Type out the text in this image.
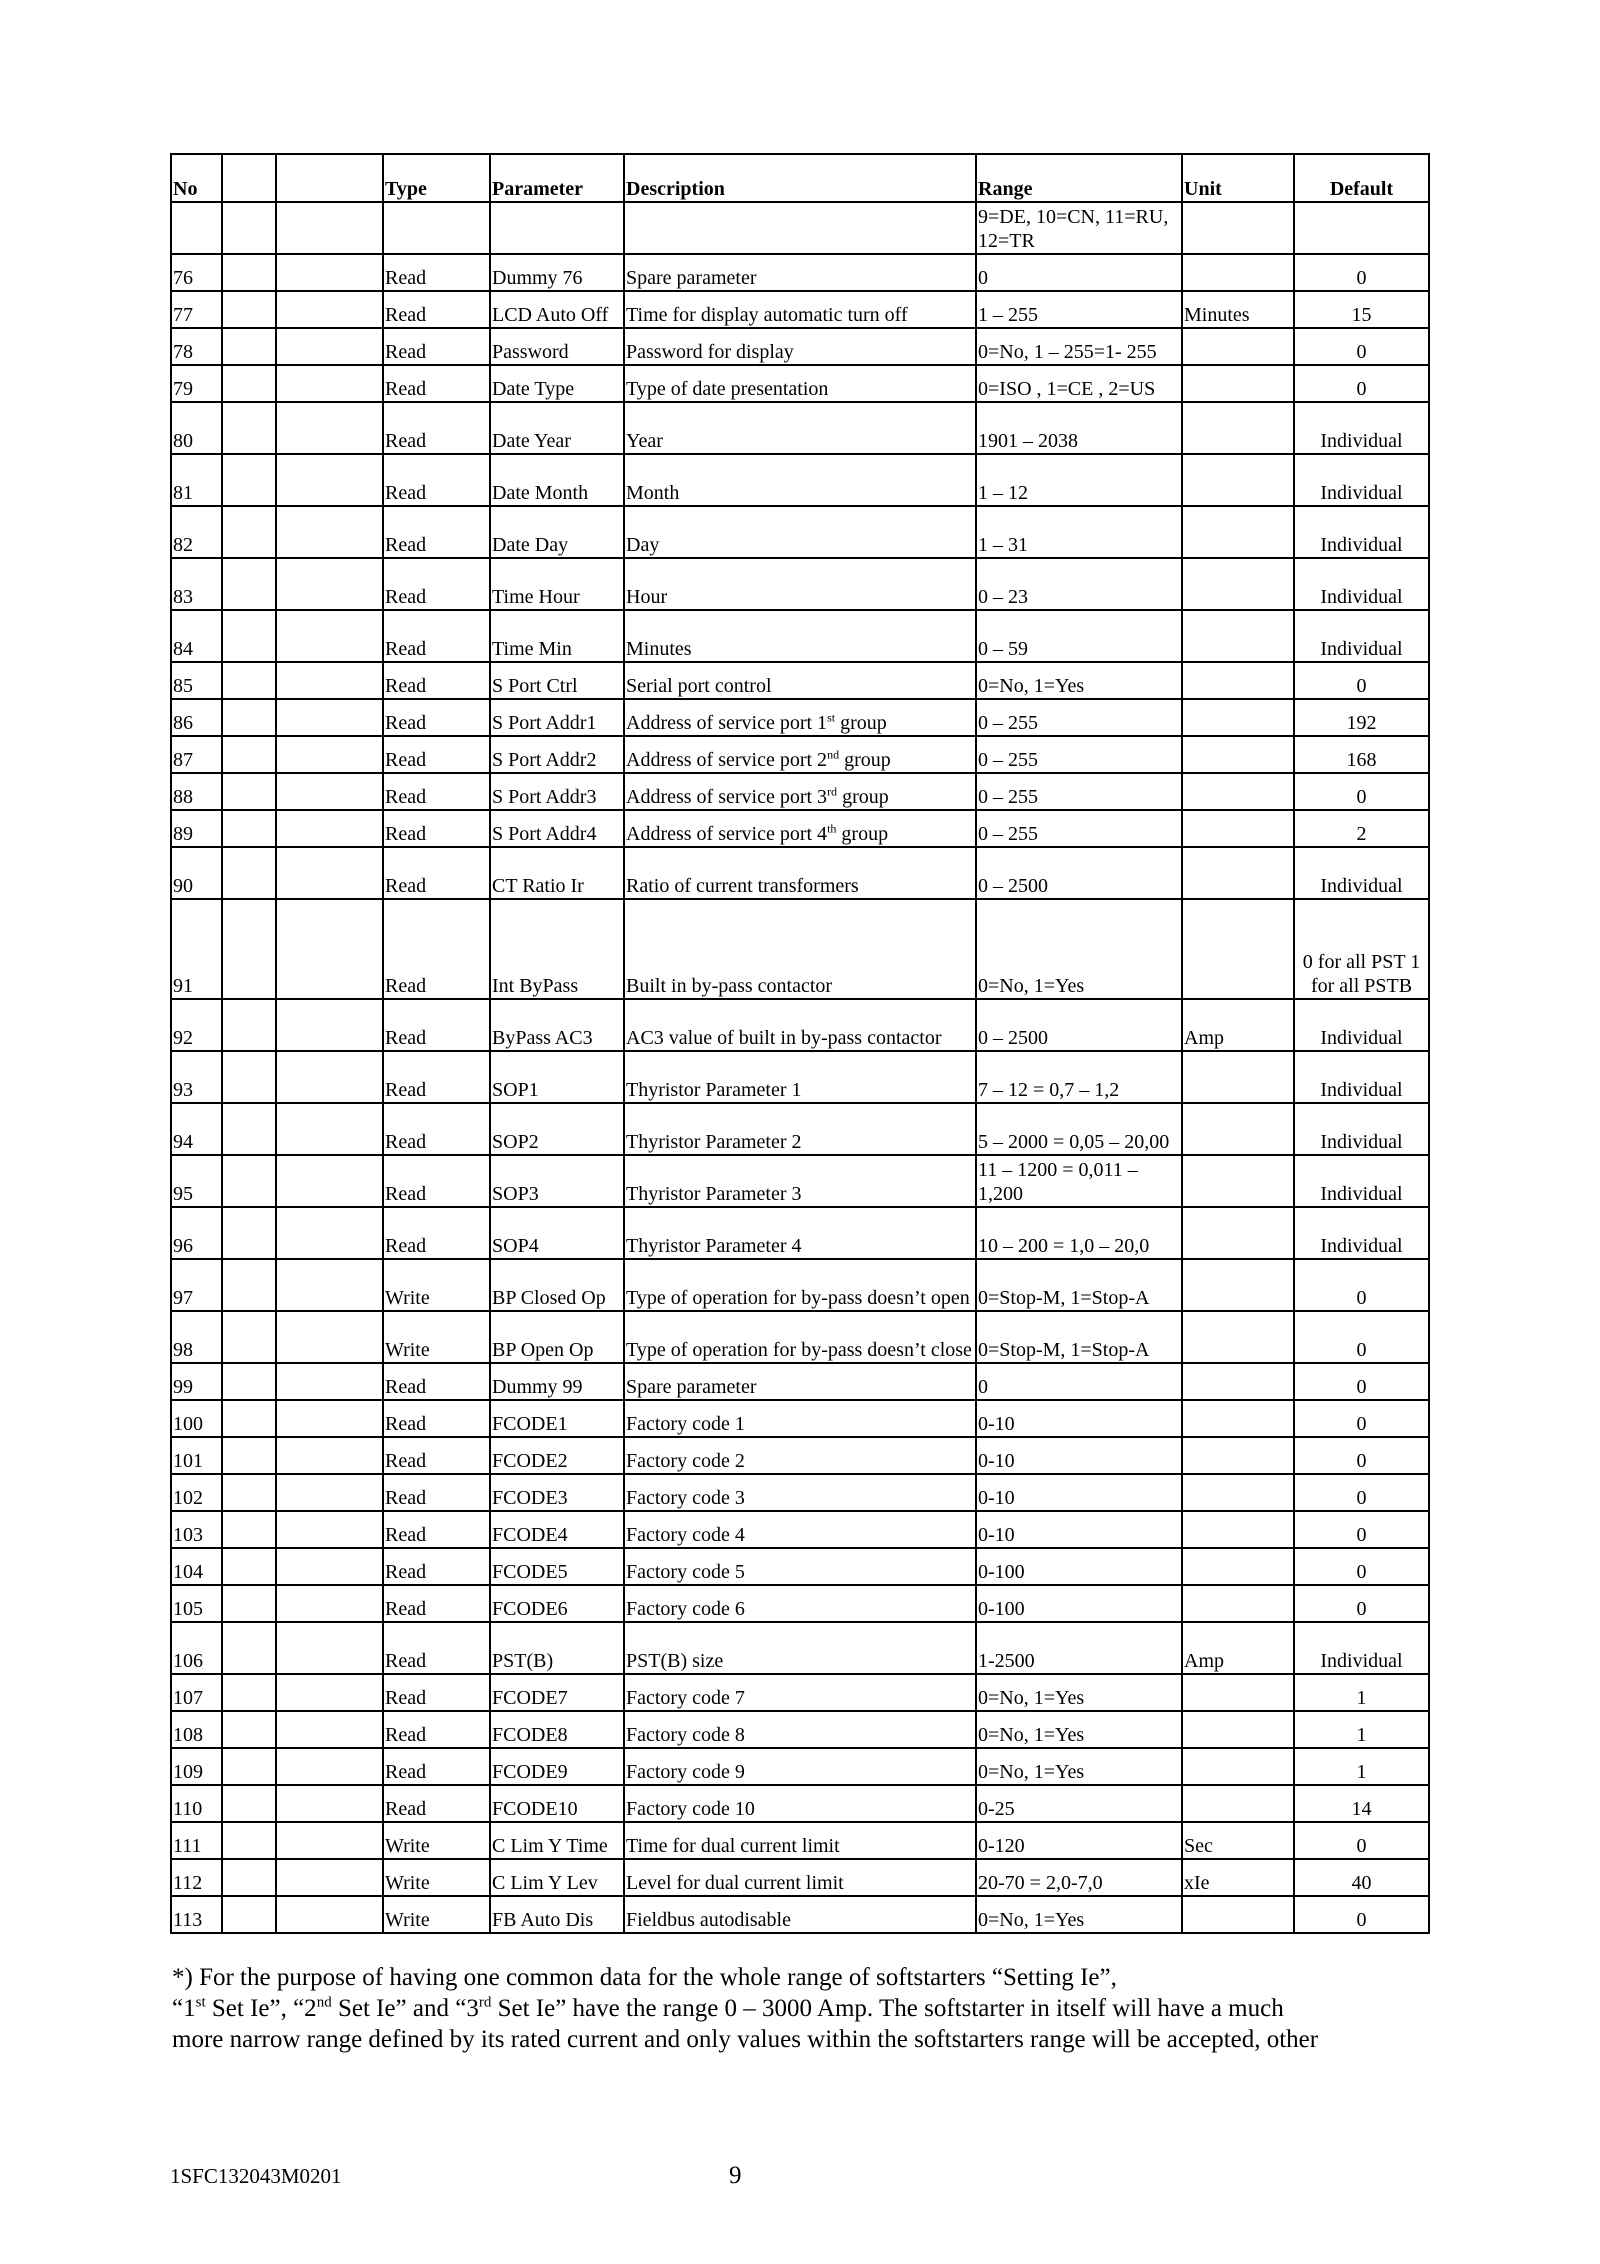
No			Type	Parameter	Description	Range	Unit	Default
						9=DE, 10=CN, 11=RU, 12=TR		
76			Read	Dummy 76	Spare parameter	0		0
77			Read	LCD Auto Off	Time for display automatic turn off	1 – 255	Minutes	15
78			Read	Password	Password for display	0=No, 1 – 255=1- 255		0
79			Read	Date Type	Type of date presentation	0=ISO , 1=CE , 2=US		0
80			Read	Date Year	Year	1901 – 2038		Individual
81			Read	Date Month	Month	1 – 12		Individual
82			Read	Date Day	Day	1 – 31		Individual
83			Read	Time Hour	Hour	0 – 23		Individual
84			Read	Time Min	Minutes	0 – 59		Individual
85			Read	S Port Ctrl	Serial port control	0=No, 1=Yes		0
86			Read	S Port Addr1	Address of service port 1st group	0 – 255		192
87			Read	S Port Addr2	Address of service port 2nd group	0 – 255		168
88			Read	S Port Addr3	Address of service port 3rd group	0 – 255		0
89			Read	S Port Addr4	Address of service port 4th group	0 – 255		2
90			Read	CT Ratio Ir	Ratio of current transformers	0 – 2500		Individual
91			Read	Int ByPass	Built in by-pass contactor	0=No, 1=Yes		0 for all PST 1 for all PSTB
92			Read	ByPass AC3	AC3 value of built in by-pass contactor	0 – 2500	Amp	Individual
93			Read	SOP1	Thyristor Parameter 1	7 – 12 = 0,7 – 1,2		Individual
94			Read	SOP2	Thyristor Parameter 2	5 – 2000 = 0,05 – 20,00		Individual
95			Read	SOP3	Thyristor Parameter 3	11 – 1200 = 0,011 – 1,200		Individual
96			Read	SOP4	Thyristor Parameter 4	10 – 200 = 1,0 – 20,0		Individual
97			Write	BP Closed Op	Type of operation for by-pass doesn’t open	0=Stop-M, 1=Stop-A		0
98			Write	BP Open Op	Type of operation for by-pass doesn’t close	0=Stop-M, 1=Stop-A		0
99			Read	Dummy 99	Spare parameter	0		0
100			Read	FCODE1	Factory code 1	0-10		0
101			Read	FCODE2	Factory code 2	0-10		0
102			Read	FCODE3	Factory code 3	0-10		0
103			Read	FCODE4	Factory code 4	0-10		0
104			Read	FCODE5	Factory code 5	0-100		0
105			Read	FCODE6	Factory code 6	0-100		0
106			Read	PST(B)	PST(B) size	1-2500	Amp	Individual
107			Read	FCODE7	Factory code 7	0=No, 1=Yes		1
108			Read	FCODE8	Factory code 8	0=No, 1=Yes		1
109			Read	FCODE9	Factory code 9	0=No, 1=Yes		1
110			Read	FCODE10	Factory code 10	0-25		14
111			Write	C Lim Y Time	Time for dual current limit	0-120	Sec	0
112			Write	C Lim Y Lev	Level for dual current limit	20-70 = 2,0-7,0	xIe	40
113			Write	FB Auto Dis	Fieldbus autodisable	0=No, 1=Yes		0

*) For the purpose of having one common data for the whole range of softstarters “Setting Ie”,

“1st Set Ie”, “2nd Set Ie” and “3rd Set Ie” have the range 0 – 3000 Amp. The softstarter in itself will have a much

more narrow range defined by its rated current and only values within the softstarters range will be accepted, other

1SFC132043M0201	9
